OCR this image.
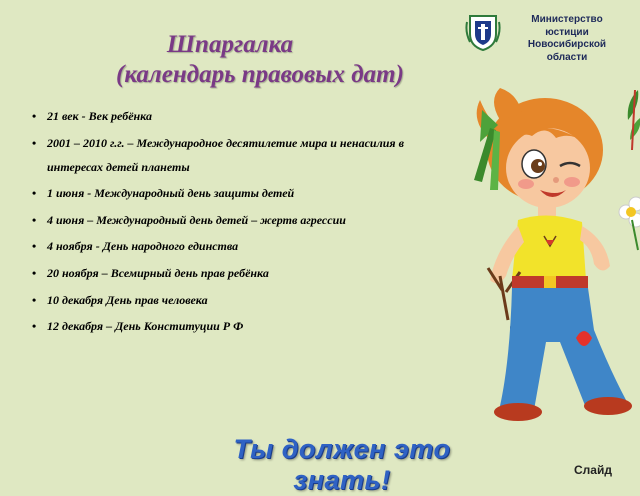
Шпаргалка
(календарь правовых дат)
Министерство
юстиции
Новосибирской
области
• 21 век - Век ребёнка
• 2001 – 2010 г.г. – Международное десятилетие мира и ненасилия в
интересах детей планеты
• 1 июня - Международный день защиты детей
• 4 июня – Международный день детей – жертв агрессии
• 4 ноября - День народного единства
• 20 ноября – Всемирный день прав ребёнка
• 10 декабря День прав человека
• 12 декабря – День Конституции Р Ф
Ты должен это знать!	Слайд
